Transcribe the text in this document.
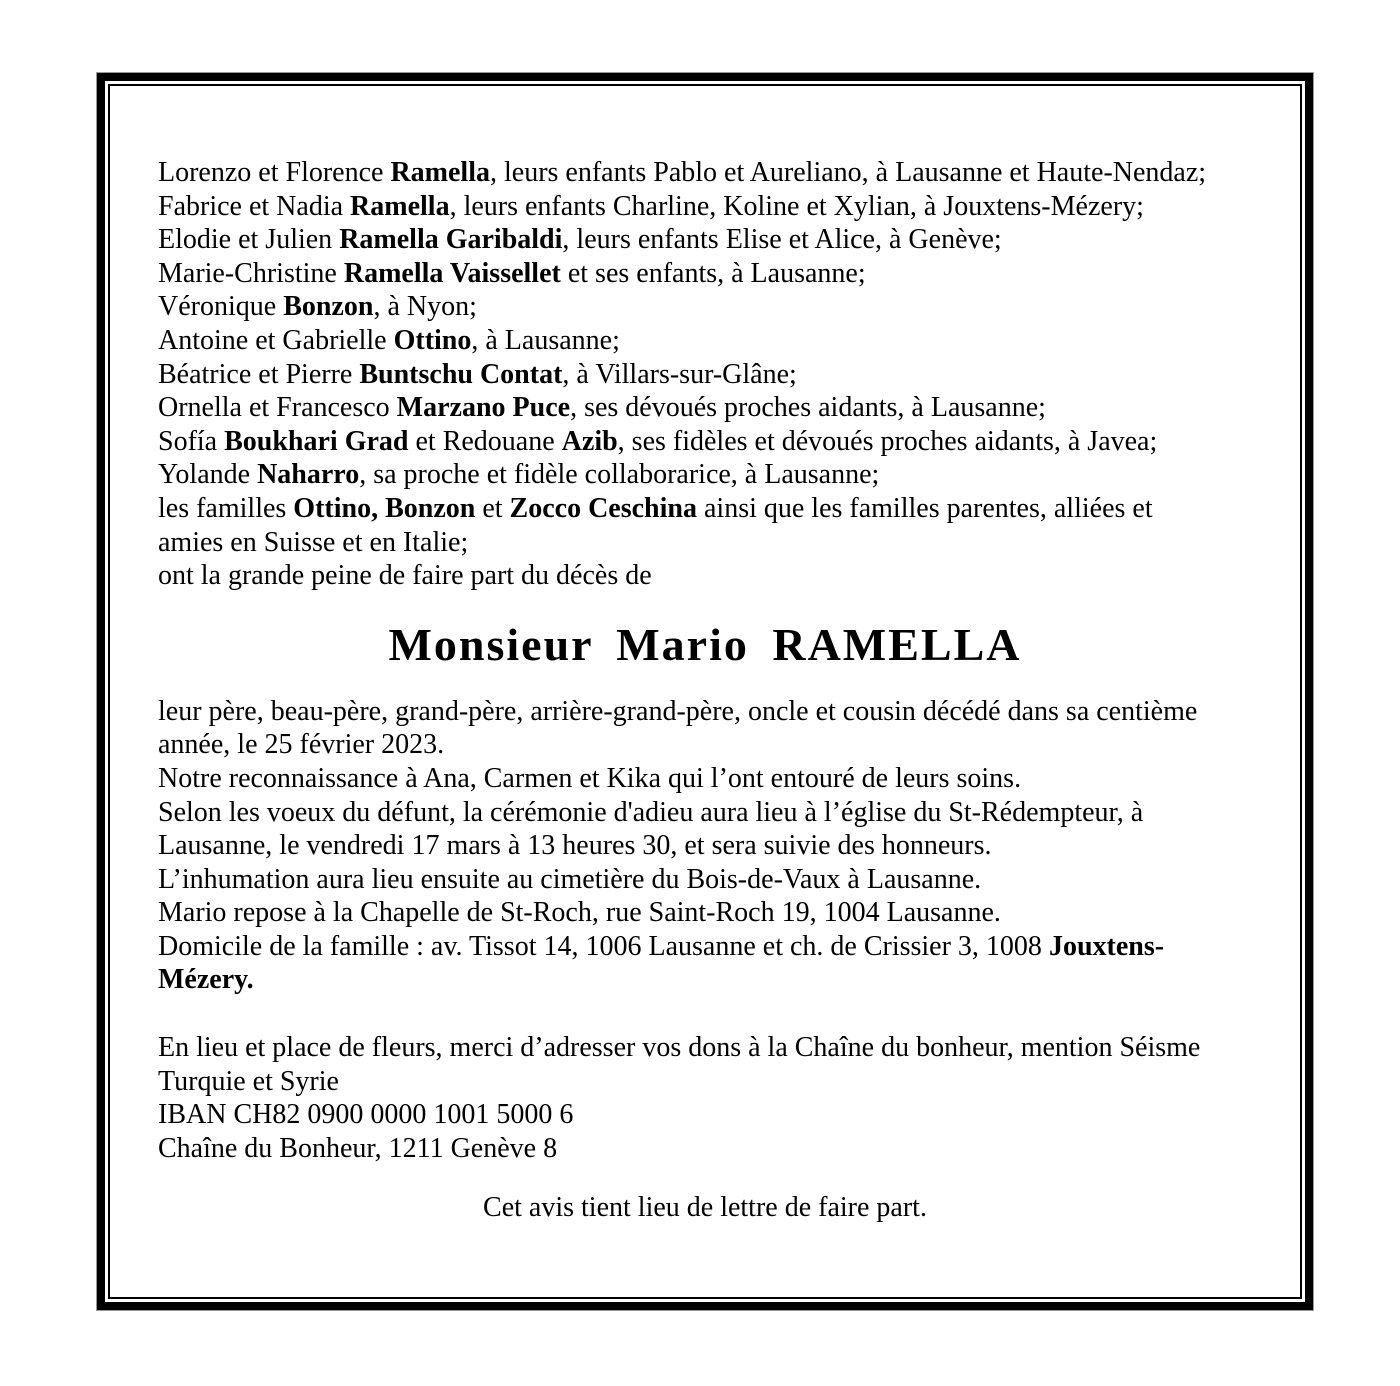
Lorenzo et Florence Ramella, leurs enfants Pablo et Aureliano, à Lausanne et Haute-Nendaz;
Fabrice et Nadia Ramella, leurs enfants Charline, Koline et Xylian, à Jouxtens-Mézery;
Elodie et Julien Ramella Garibaldi, leurs enfants Elise et Alice, à Genève;
Marie-Christine Ramella Vaissellet et ses enfants, à Lausanne;
Véronique Bonzon, à Nyon;
Antoine et Gabrielle Ottino, à Lausanne;
Béatrice et Pierre Buntschu Contat, à Villars-sur-Glâne;
Ornella et Francesco Marzano Puce, ses dévoués proches aidants, à Lausanne;
Sofía Boukhari Grad et Redouane Azib, ses fidèles et dévoués proches aidants, à Javea;
Yolande Naharro, sa proche et fidèle collaborarice, à Lausanne;
les familles Ottino, Bonzon et Zocco Ceschina ainsi que les familles parentes, alliées et
amies en Suisse et en Italie;
ont la grande peine de faire part du décès de
Monsieur Mario RAMELLA
leur père, beau-père, grand-père, arrière-grand-père, oncle et cousin décédé dans sa centième
année, le 25 février 2023.
Notre reconnaissance à Ana, Carmen et Kika qui l’ont entouré de leurs soins.
Selon les voeux du défunt, la cérémonie d'adieu aura lieu à l’église du St-Rédempteur, à
Lausanne, le vendredi 17 mars à 13 heures 30, et sera suivie des honneurs.
L’inhumation aura lieu ensuite au cimetière du Bois-de-Vaux à Lausanne.
Mario repose à la Chapelle de St-Roch, rue Saint-Roch 19, 1004 Lausanne.
Domicile de la famille : av. Tissot 14, 1006 Lausanne et ch. de Crissier 3, 1008 Jouxtens-
Mézery.
En lieu et place de fleurs, merci d’adresser vos dons à la Chaîne du bonheur, mention Séisme
Turquie et Syrie
IBAN CH82 0900 0000 1001 5000 6
Chaîne du Bonheur, 1211 Genève 8
Cet avis tient lieu de lettre de faire part.
